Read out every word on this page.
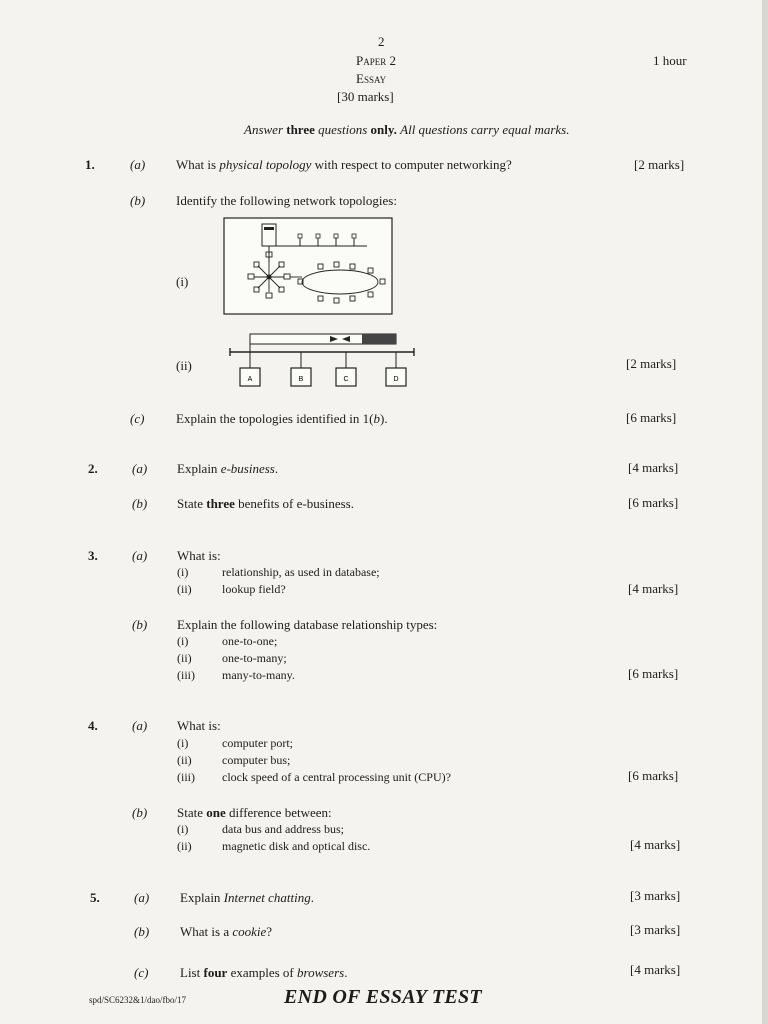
2
Paper 2
Essay
[30 marks]
1 hour
Answer three questions only. All questions carry equal marks.
1.	(a) What is physical topology with respect to computer networking?	[2 marks]
(b) Identify the following network topologies:
(i)
(ii)	[2 marks]
A	B	C	D
(c) Explain the topologies identified in 1(b).	[6 marks]
2.	(a) Explain e-business.	[4 marks]
(b) State three benefits of e-business.	[6 marks]
3.	(a) What is:
(i)	relationship, as used in database;
(ii)	lookup field?	[4 marks]
(b) Explain the following database relationship types:
(i)	one-to-one;
(ii)	one-to-many;
(iii) many-to-many.	[6 marks]
4.	(a) What is:
(i)	computer port;
(ii)	computer bus;
(iii) clock speed of a central processing unit (CPU)?	[6 marks]
(b) State one difference between:
(i)	data bus and address bus;
(ii)	magnetic disk and optical disc.	[4 marks]
5.	(a) Explain Internet chatting.	[3 marks]
(b) What is a cookie?	[3 marks]
(c) List four examples of browsers.	[4 marks]
spd/SC6232&1/dao/fbo/17	END OF ESSAY TEST
